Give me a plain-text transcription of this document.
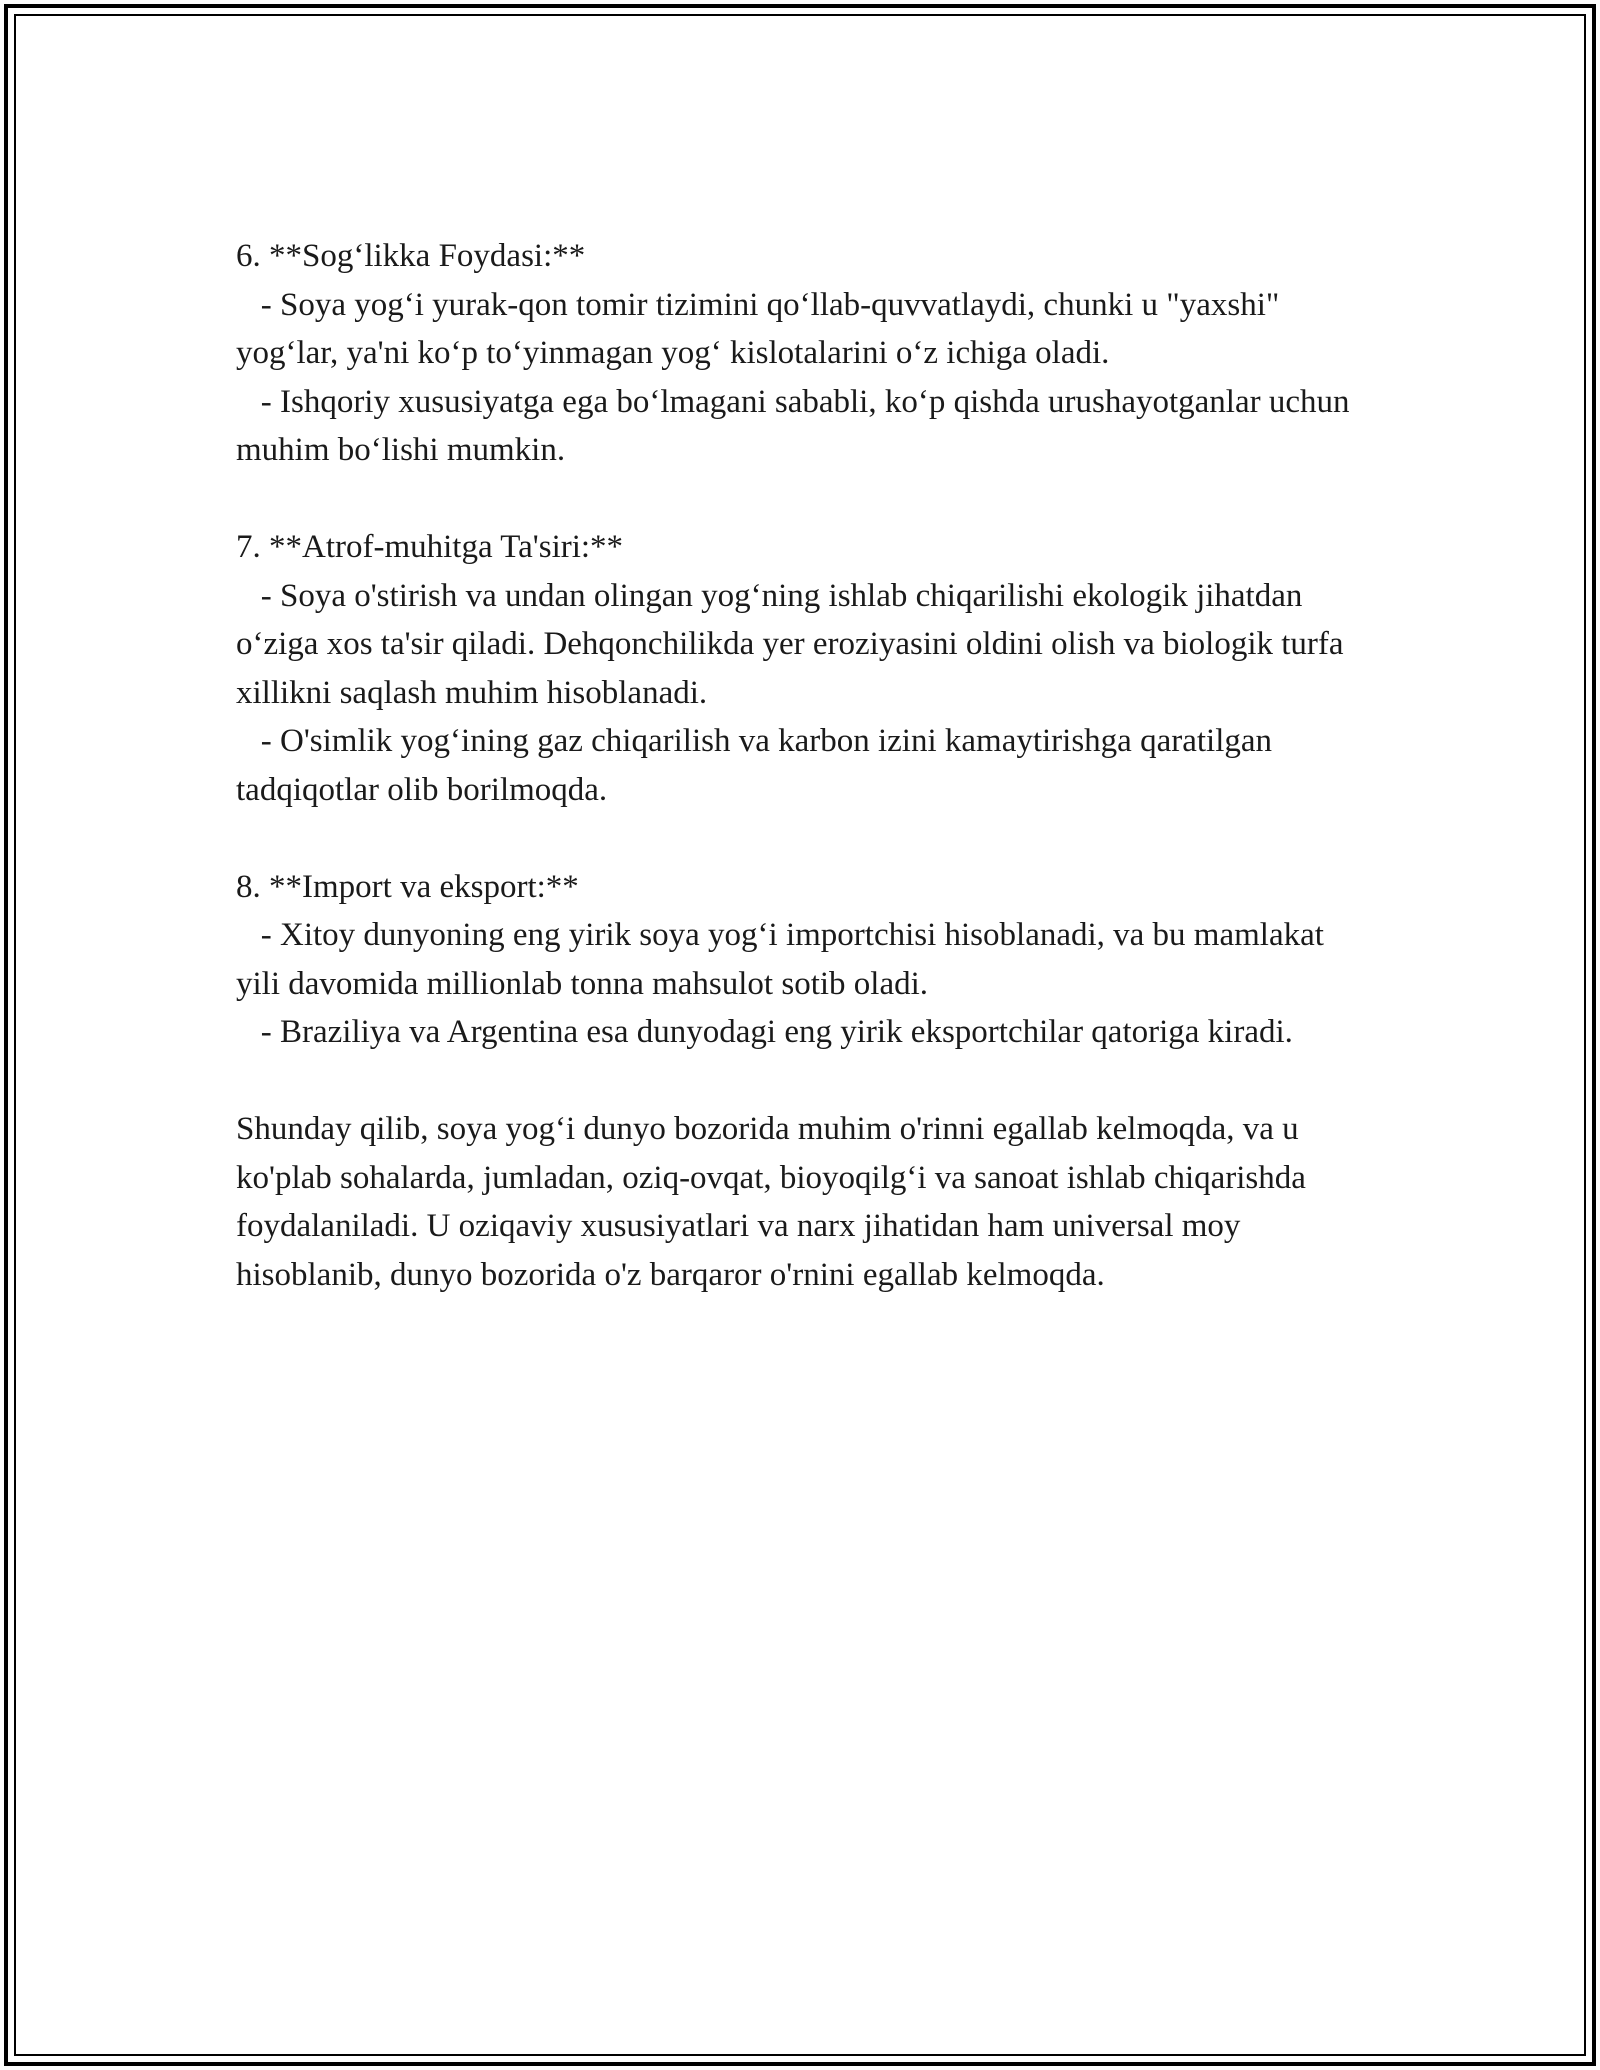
6. **Sog‘likka Foydasi:**

- Soya yog‘i yurak-qon tomir tizimini qo‘llab-quvvatlaydi, chunki u "yaxshi" yog‘lar, ya'ni ko‘p to‘yinmagan yog‘ kislotalarini o‘z ichiga oladi.

- Ishqoriy xususiyatga ega bo‘lmagani sababli, ko‘p qishda urushayotganlar uchun muhim bo‘lishi mumkin.

7. **Atrof-muhitga Ta'siri:**

- Soya o'stirish va undan olingan yog‘ning ishlab chiqarilishi ekologik jihatdan o‘ziga xos ta'sir qiladi. Dehqonchilikda yer eroziyasini oldini olish va biologik turfa xillikni saqlash muhim hisoblanadi.

- O'simlik yog‘ining gaz chiqarilish va karbon izini kamaytirishga qaratilgan tadqiqotlar olib borilmoqda.

8. **Import va eksport:**

- Xitoy dunyoning eng yirik soya yog‘i importchisi hisoblanadi, va bu mamlakat yili davomida millionlab tonna mahsulot sotib oladi.

- Braziliya va Argentina esa dunyodagi eng yirik eksportchilar qatoriga kiradi.

Shunday qilib, soya yog‘i dunyo bozorida muhim o'rinni egallab kelmoqda, va u ko'plab sohalarda, jumladan, oziq-ovqat, bioyoqilg‘i va sanoat ishlab chiqarishda foydalaniladi. U oziqaviy xususiyatlari va narx jihatidan ham universal moy hisoblanib, dunyo bozorida o'z barqaror o'rnini egallab kelmoqda.
